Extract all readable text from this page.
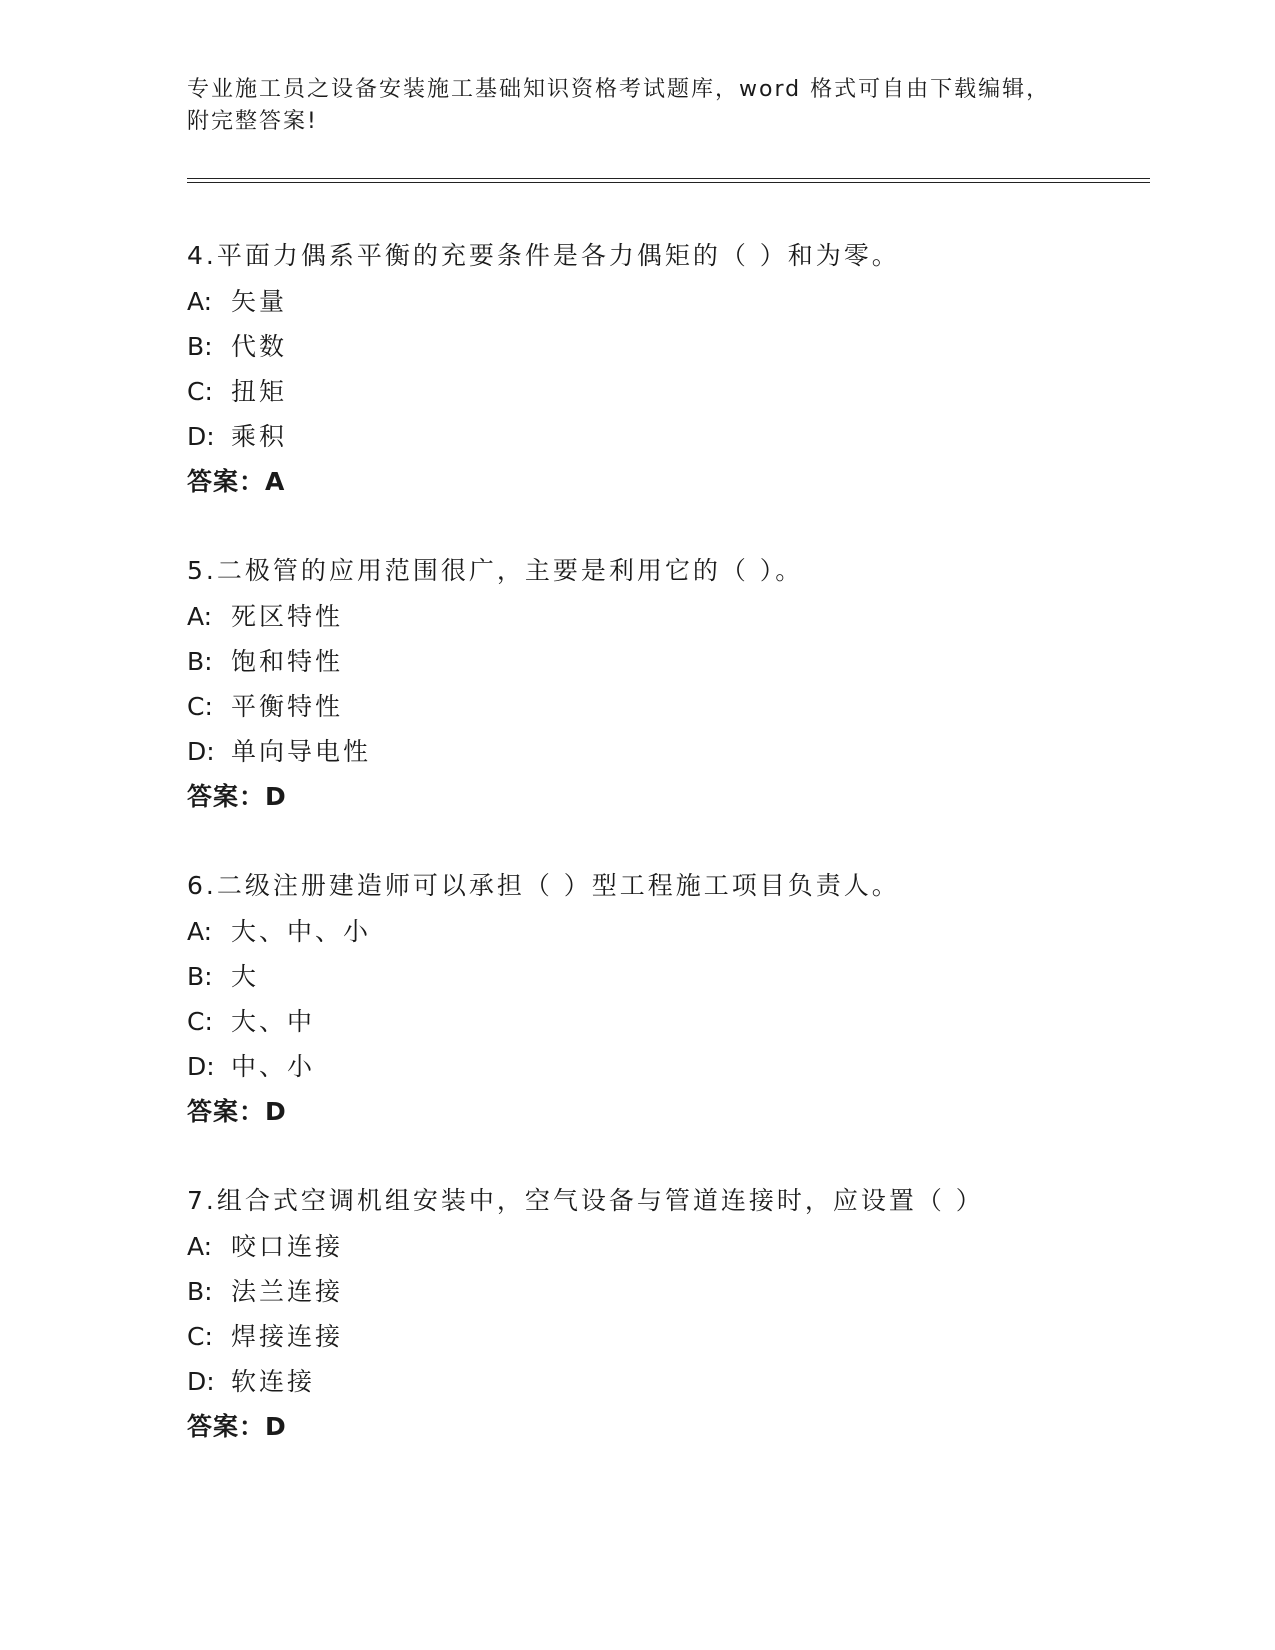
专业施工员之设备安装施工基础知识资格考试题库，word 格式可自由下载编辑，
附完整答案!
4.平面力偶系平衡的充要条件是各力偶矩的（ ）和为零。
A: 矢量
B: 代数
C: 扭矩
D: 乘积
答案：A
5.二极管的应用范围很广，主要是利用它的（ ）。
A: 死区特性
B: 饱和特性
C: 平衡特性
D: 单向导电性
答案：D
6.二级注册建造师可以承担（ ）型工程施工项目负责人。
A: 大、中、小
B: 大
C: 大、中
D: 中、小
答案：D
7.组合式空调机组安装中，空气设备与管道连接时，应设置（ ）
A: 咬口连接
B: 法兰连接
C: 焊接连接
D: 软连接
答案：D
